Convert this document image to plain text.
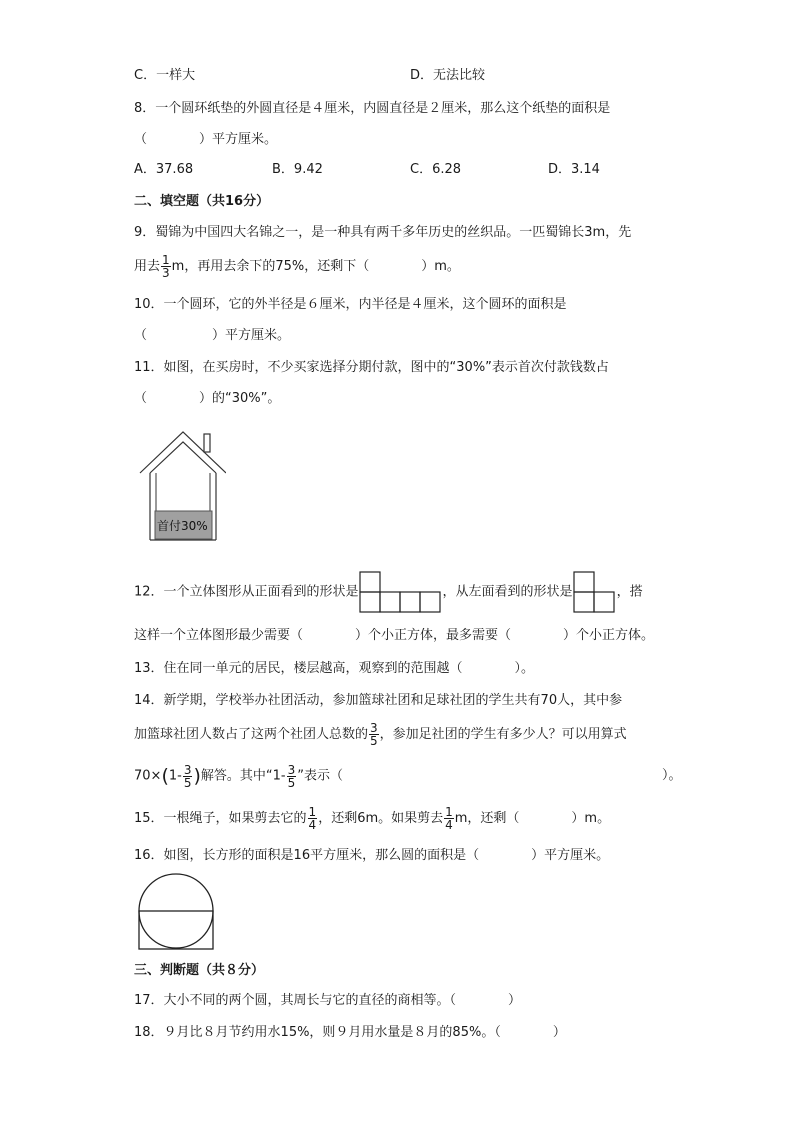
C．一样大	D．无法比较
8．一个圆环纸垫的外圆直径是４厘米，内圆直径是２厘米，那么这个纸垫的面积是
（　　　　）平方厘米。
A．37.68	B．9.42	C．6.28	D．3.14
二、填空题（共16分）
9．蜀锦为中国四大名锦之一，是一种具有两千多年历史的丝织品。一匹蜀锦长3m，先
用去 $\frac{1}{3}$ m，再用去余下的75%，还剩下（　　　　）m。
10．一个圆环，它的外半径是６厘米，内半径是４厘米，这个圆环的面积是
（　　　　　）平方厘米。
11．如图，在买房时，不少买家选择分期付款，图中的“30%”表示首次付款钱数占
（　　　　）的“30%”。
首付30%
12．一个立体图形从正面看到的形状是	，从左面看到的形状是	，搭
这样一个立体图形最少需要（　　　　）个小正方体，最多需要（　　　　）个小正方体。
13．住在同一单元的居民，楼层越高，观察到的范围越（　　　　）。
14．新学期，学校举办社团活动，参加篮球社团和足球社团的学生共有70人，其中参
加篮球社团人数占了这两个社团人总数的 $\frac{3}{5}$ ，参加足社团的学生有多少人？可以用算式
$70\times(1- \frac{3}{5}$ )解答。其中“$1- \frac{3}{5}$ ”表示（	）。
15．一根绳子，如果剪去它的 $\frac{1}{4}$ ，还剩6m。如果剪去 $\frac{1}{4}$ m，还剩（　　　　）m。
16．如图，长方形的面积是16平方厘米，那么圆的面积是（　　　　）平方厘米。
三、判断题（共８分）
17．大小不同的两个圆，其周长与它的直径的商相等。（　　　　）
18．９月比８月节约用水15%，则９月用水量是８月的85%。（　　　　）
